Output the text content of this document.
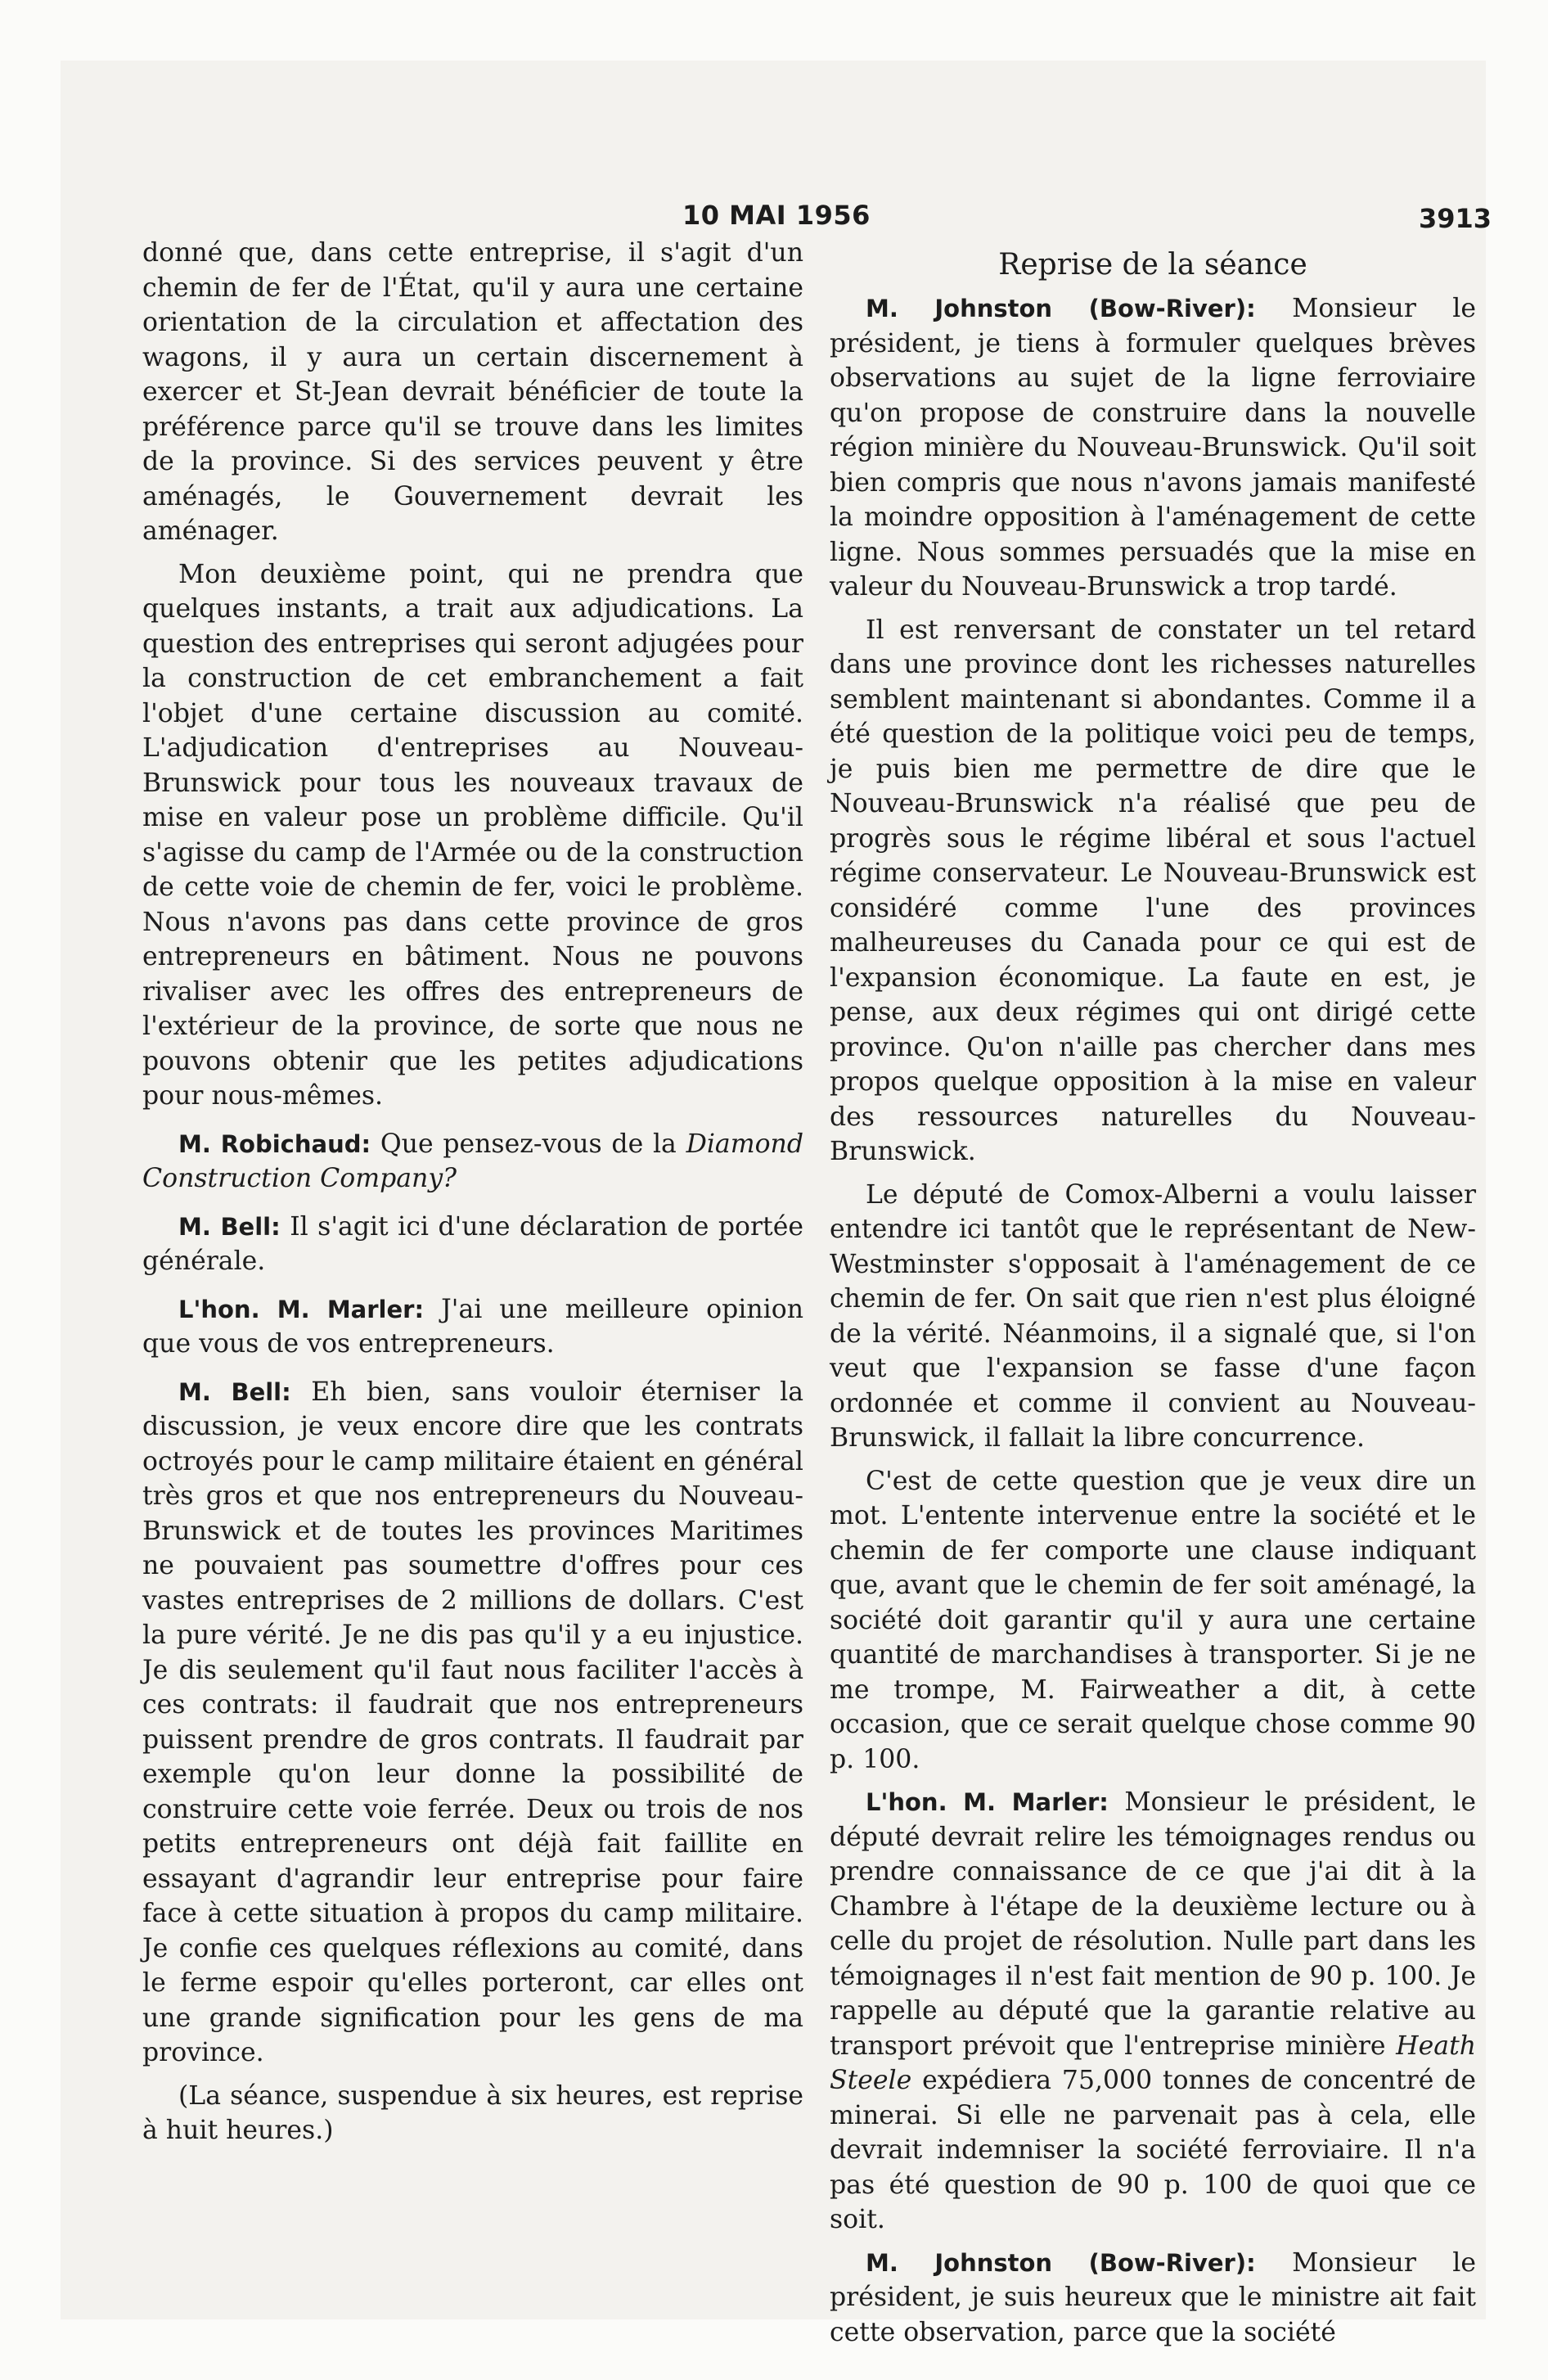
10 MAI 1956	3913

donné que, dans cette entreprise, il s'agit d'un chemin de fer de l'État, qu'il y aura une certaine orientation de la circulation et affectation des wagons, il y aura un certain discernement à exercer et St-Jean devrait bénéficier de toute la préférence parce qu'il se trouve dans les limites de la province. Si des services peuvent y être aménagés, le Gouvernement devrait les aménager.

Mon deuxième point, qui ne prendra que quelques instants, a trait aux adjudications. La question des entreprises qui seront adjugées pour la construction de cet embranchement a fait l'objet d'une certaine discussion au comité. L'adjudication d'entreprises au Nouveau-Brunswick pour tous les nouveaux travaux de mise en valeur pose un problème difficile. Qu'il s'agisse du camp de l'Armée ou de la construction de cette voie de chemin de fer, voici le problème. Nous n'avons pas dans cette province de gros entrepreneurs en bâtiment. Nous ne pouvons rivaliser avec les offres des entrepreneurs de l'extérieur de la province, de sorte que nous ne pouvons obtenir que les petites adjudications pour nous-mêmes.

M. Robichaud: Que pensez-vous de la Diamond Construction Company?

M. Bell: Il s'agit ici d'une déclaration de portée générale.

L'hon. M. Marler: J'ai une meilleure opinion que vous de vos entrepreneurs.

M. Bell: Eh bien, sans vouloir éterniser la discussion, je veux encore dire que les contrats octroyés pour le camp militaire étaient en général très gros et que nos entrepreneurs du Nouveau-Brunswick et de toutes les provinces Maritimes ne pouvaient pas soumettre d'offres pour ces vastes entreprises de 2 millions de dollars. C'est la pure vérité. Je ne dis pas qu'il y a eu injustice. Je dis seulement qu'il faut nous faciliter l'accès à ces contrats: il faudrait que nos entrepreneurs puissent prendre de gros contrats. Il faudrait par exemple qu'on leur donne la possibilité de construire cette voie ferrée. Deux ou trois de nos petits entrepreneurs ont déjà fait faillite en essayant d'agrandir leur entreprise pour faire face à cette situation à propos du camp militaire. Je confie ces quelques réflexions au comité, dans le ferme espoir qu'elles porteront, car elles ont une grande signification pour les gens de ma province.

(La séance, suspendue à six heures, est reprise à huit heures.)

Reprise de la séance

M. Johnston (Bow-River): Monsieur le président, je tiens à formuler quelques brèves observations au sujet de la ligne ferroviaire qu'on propose de construire dans la nouvelle région minière du Nouveau-Brunswick. Qu'il soit bien compris que nous n'avons jamais manifesté la moindre opposition à l'aménagement de cette ligne. Nous sommes persuadés que la mise en valeur du Nouveau-Brunswick a trop tardé.

Il est renversant de constater un tel retard dans une province dont les richesses naturelles semblent maintenant si abondantes. Comme il a été question de la politique voici peu de temps, je puis bien me permettre de dire que le Nouveau-Brunswick n'a réalisé que peu de progrès sous le régime libéral et sous l'actuel régime conservateur. Le Nouveau-Brunswick est considéré comme l'une des provinces malheureuses du Canada pour ce qui est de l'expansion économique. La faute en est, je pense, aux deux régimes qui ont dirigé cette province. Qu'on n'aille pas chercher dans mes propos quelque opposition à la mise en valeur des ressources naturelles du Nouveau-Brunswick.

Le député de Comox-Alberni a voulu laisser entendre ici tantôt que le représentant de New-Westminster s'opposait à l'aménagement de ce chemin de fer. On sait que rien n'est plus éloigné de la vérité. Néanmoins, il a signalé que, si l'on veut que l'expansion se fasse d'une façon ordonnée et comme il convient au Nouveau-Brunswick, il fallait la libre concurrence.

C'est de cette question que je veux dire un mot. L'entente intervenue entre la société et le chemin de fer comporte une clause indiquant que, avant que le chemin de fer soit aménagé, la société doit garantir qu'il y aura une certaine quantité de marchandises à transporter. Si je ne me trompe, M. Fairweather a dit, à cette occasion, que ce serait quelque chose comme 90 p. 100.

L'hon. M. Marler: Monsieur le président, le député devrait relire les témoignages rendus ou prendre connaissance de ce que j'ai dit à la Chambre à l'étape de la deuxième lecture ou à celle du projet de résolution. Nulle part dans les témoignages il n'est fait mention de 90 p. 100. Je rappelle au député que la garantie relative au transport prévoit que l'entreprise minière Heath Steele expédiera 75,000 tonnes de concentré de minerai. Si elle ne parvenait pas à cela, elle devrait indemniser la société ferroviaire. Il n'a pas été question de 90 p. 100 de quoi que ce soit.

M. Johnston (Bow-River): Monsieur le président, je suis heureux que le ministre ait fait cette observation, parce que la société
